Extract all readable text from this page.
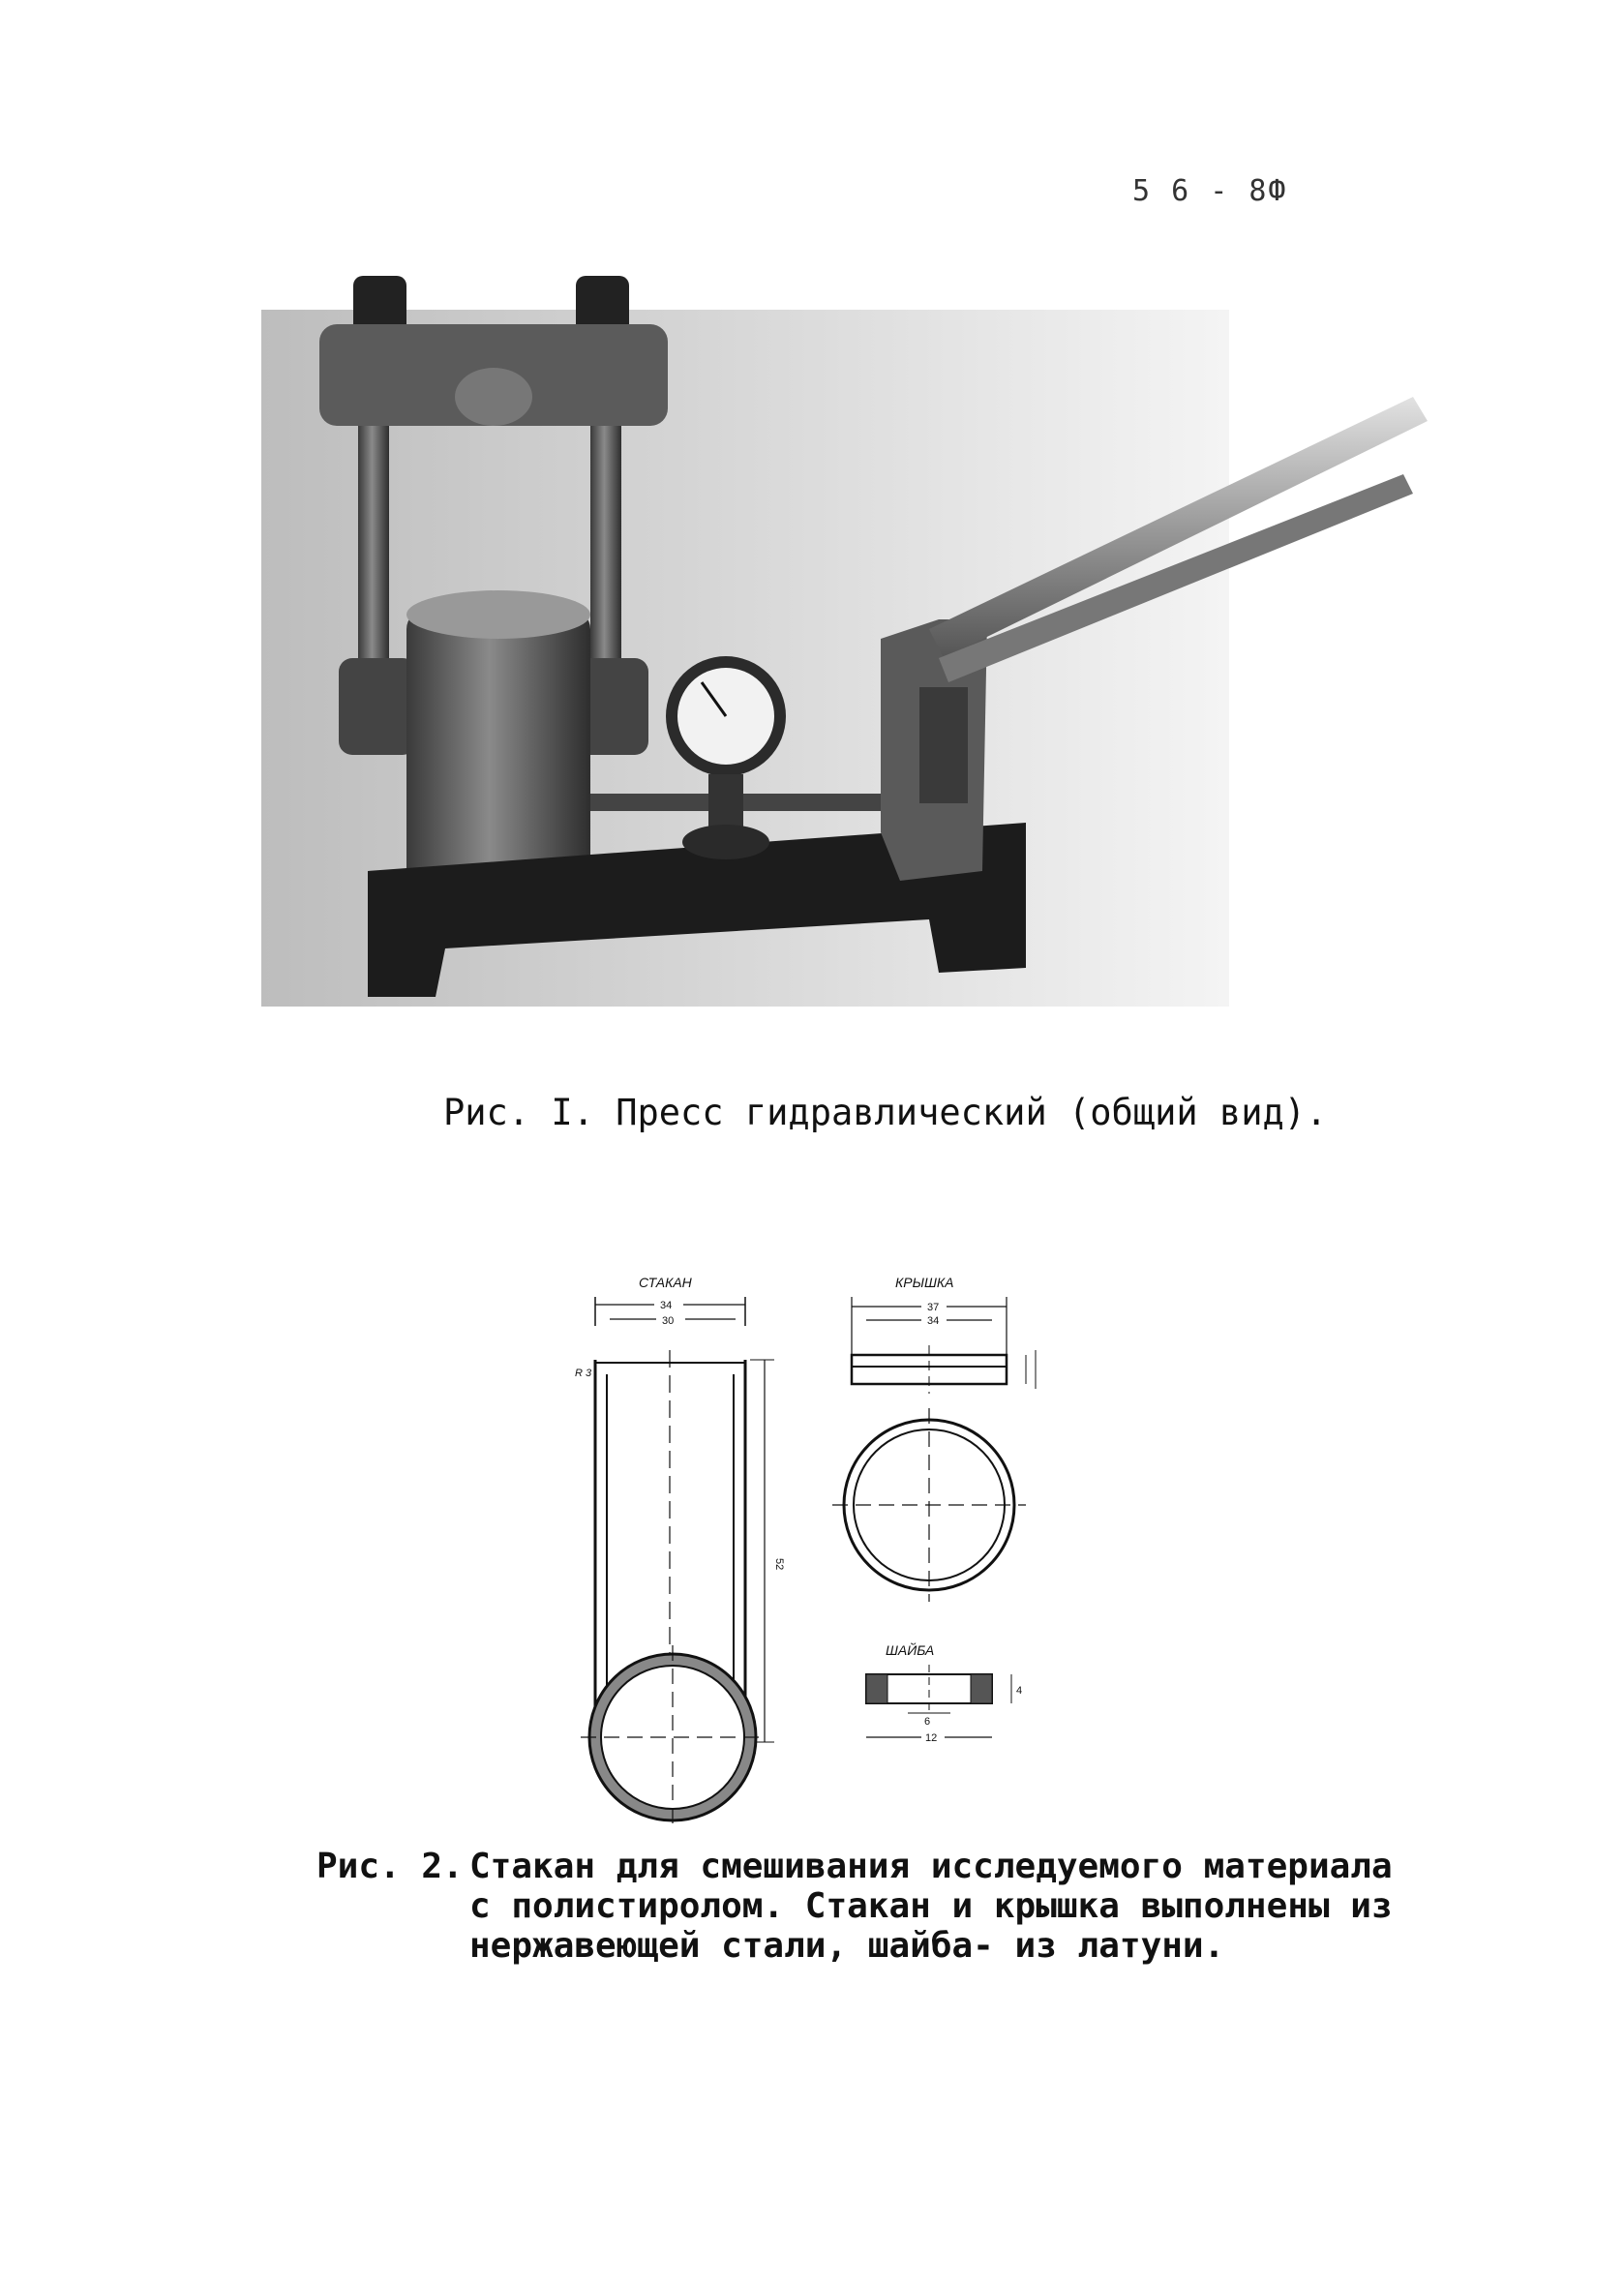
5 6 - 8Ф
Рис. I. Пресс гидравлический (общий вид).
СТАКАН
34
30
R 3
52
КРЫШКА
37
34
ШАЙБА
12
6
4
Рис. 2. Стакан для смешивания исследуемого материала
с полистиролом. Стакан и крышка выполнены из
нержавеющей стали, шайба- из латуни.
